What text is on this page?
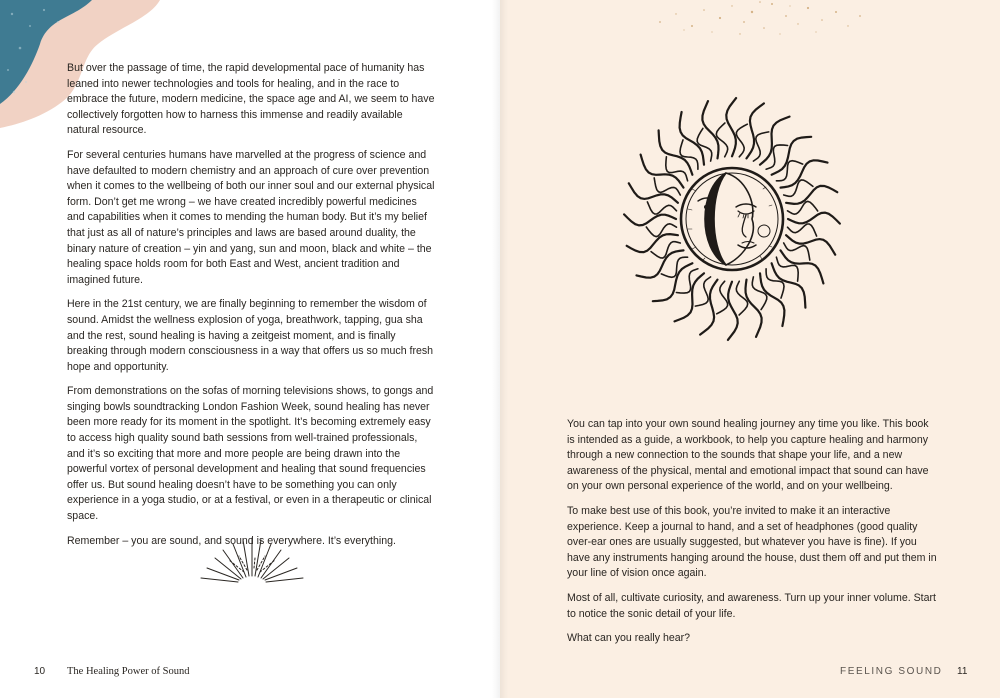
But over the passage of time, the rapid developmental pace of humanity has leaned into newer technologies and tools for healing, and in the race to embrace the future, modern medicine, the space age and AI, we seem to have collectively forgotten how to harness this immense and readily available natural resource.

For several centuries humans have marvelled at the progress of science and have defaulted to modern chemistry and an approach of cure over prevention when it comes to the wellbeing of both our inner soul and our external physical form. Don’t get me wrong – we have created incredibly powerful medicines and capabilities when it comes to mending the human body. But it’s my belief that just as all of nature’s principles and laws are based around duality, the binary nature of creation – yin and yang, sun and moon, black and white – the healing space holds room for both East and West, ancient tradition and imagined future.

Here in the 21st century, we are finally beginning to remember the wisdom of sound. Amidst the wellness explosion of yoga, breathwork, tapping, gua sha and the rest, sound healing is having a zeitgeist moment, and is finally breaking through modern consciousness in a way that offers us so much fresh hope and opportunity.

From demonstrations on the sofas of morning televisions shows, to gongs and singing bowls soundtracking London Fashion Week, sound healing has never been more ready for its moment in the spotlight. It’s becoming extremely easy to access high quality sound bath sessions from well-trained professionals, and it’s so exciting that more and more people are being drawn into the powerful vortex of personal development and healing that sound frequencies offer us. But sound healing doesn’t have to be something you can only experience in a yoga studio, or at a festival, or even in a therapeutic or clinical space.

Remember – you are sound, and sound is everywhere. It’s everything.

10 The Healing Power of Sound

You can tap into your own sound healing journey any time you like. This book is intended as a guide, a workbook, to help you capture healing and harmony through a new connection to the sounds that shape your life, and a new awareness of the physical, mental and emotional impact that sound can have on your own personal experience of the world, and on your wellbeing.

To make best use of this book, you’re invited to make it an interactive experience. Keep a journal to hand, and a set of headphones (good quality over-ear ones are usually suggested, but whatever you have is fine). If you have any instruments hanging around the house, dust them off and put them in your line of vision once again.

Most of all, cultivate curiosity, and awareness. Turn up your inner volume. Start to notice the sonic detail of your life.

What can you really hear?

FEELING SOUND 11
